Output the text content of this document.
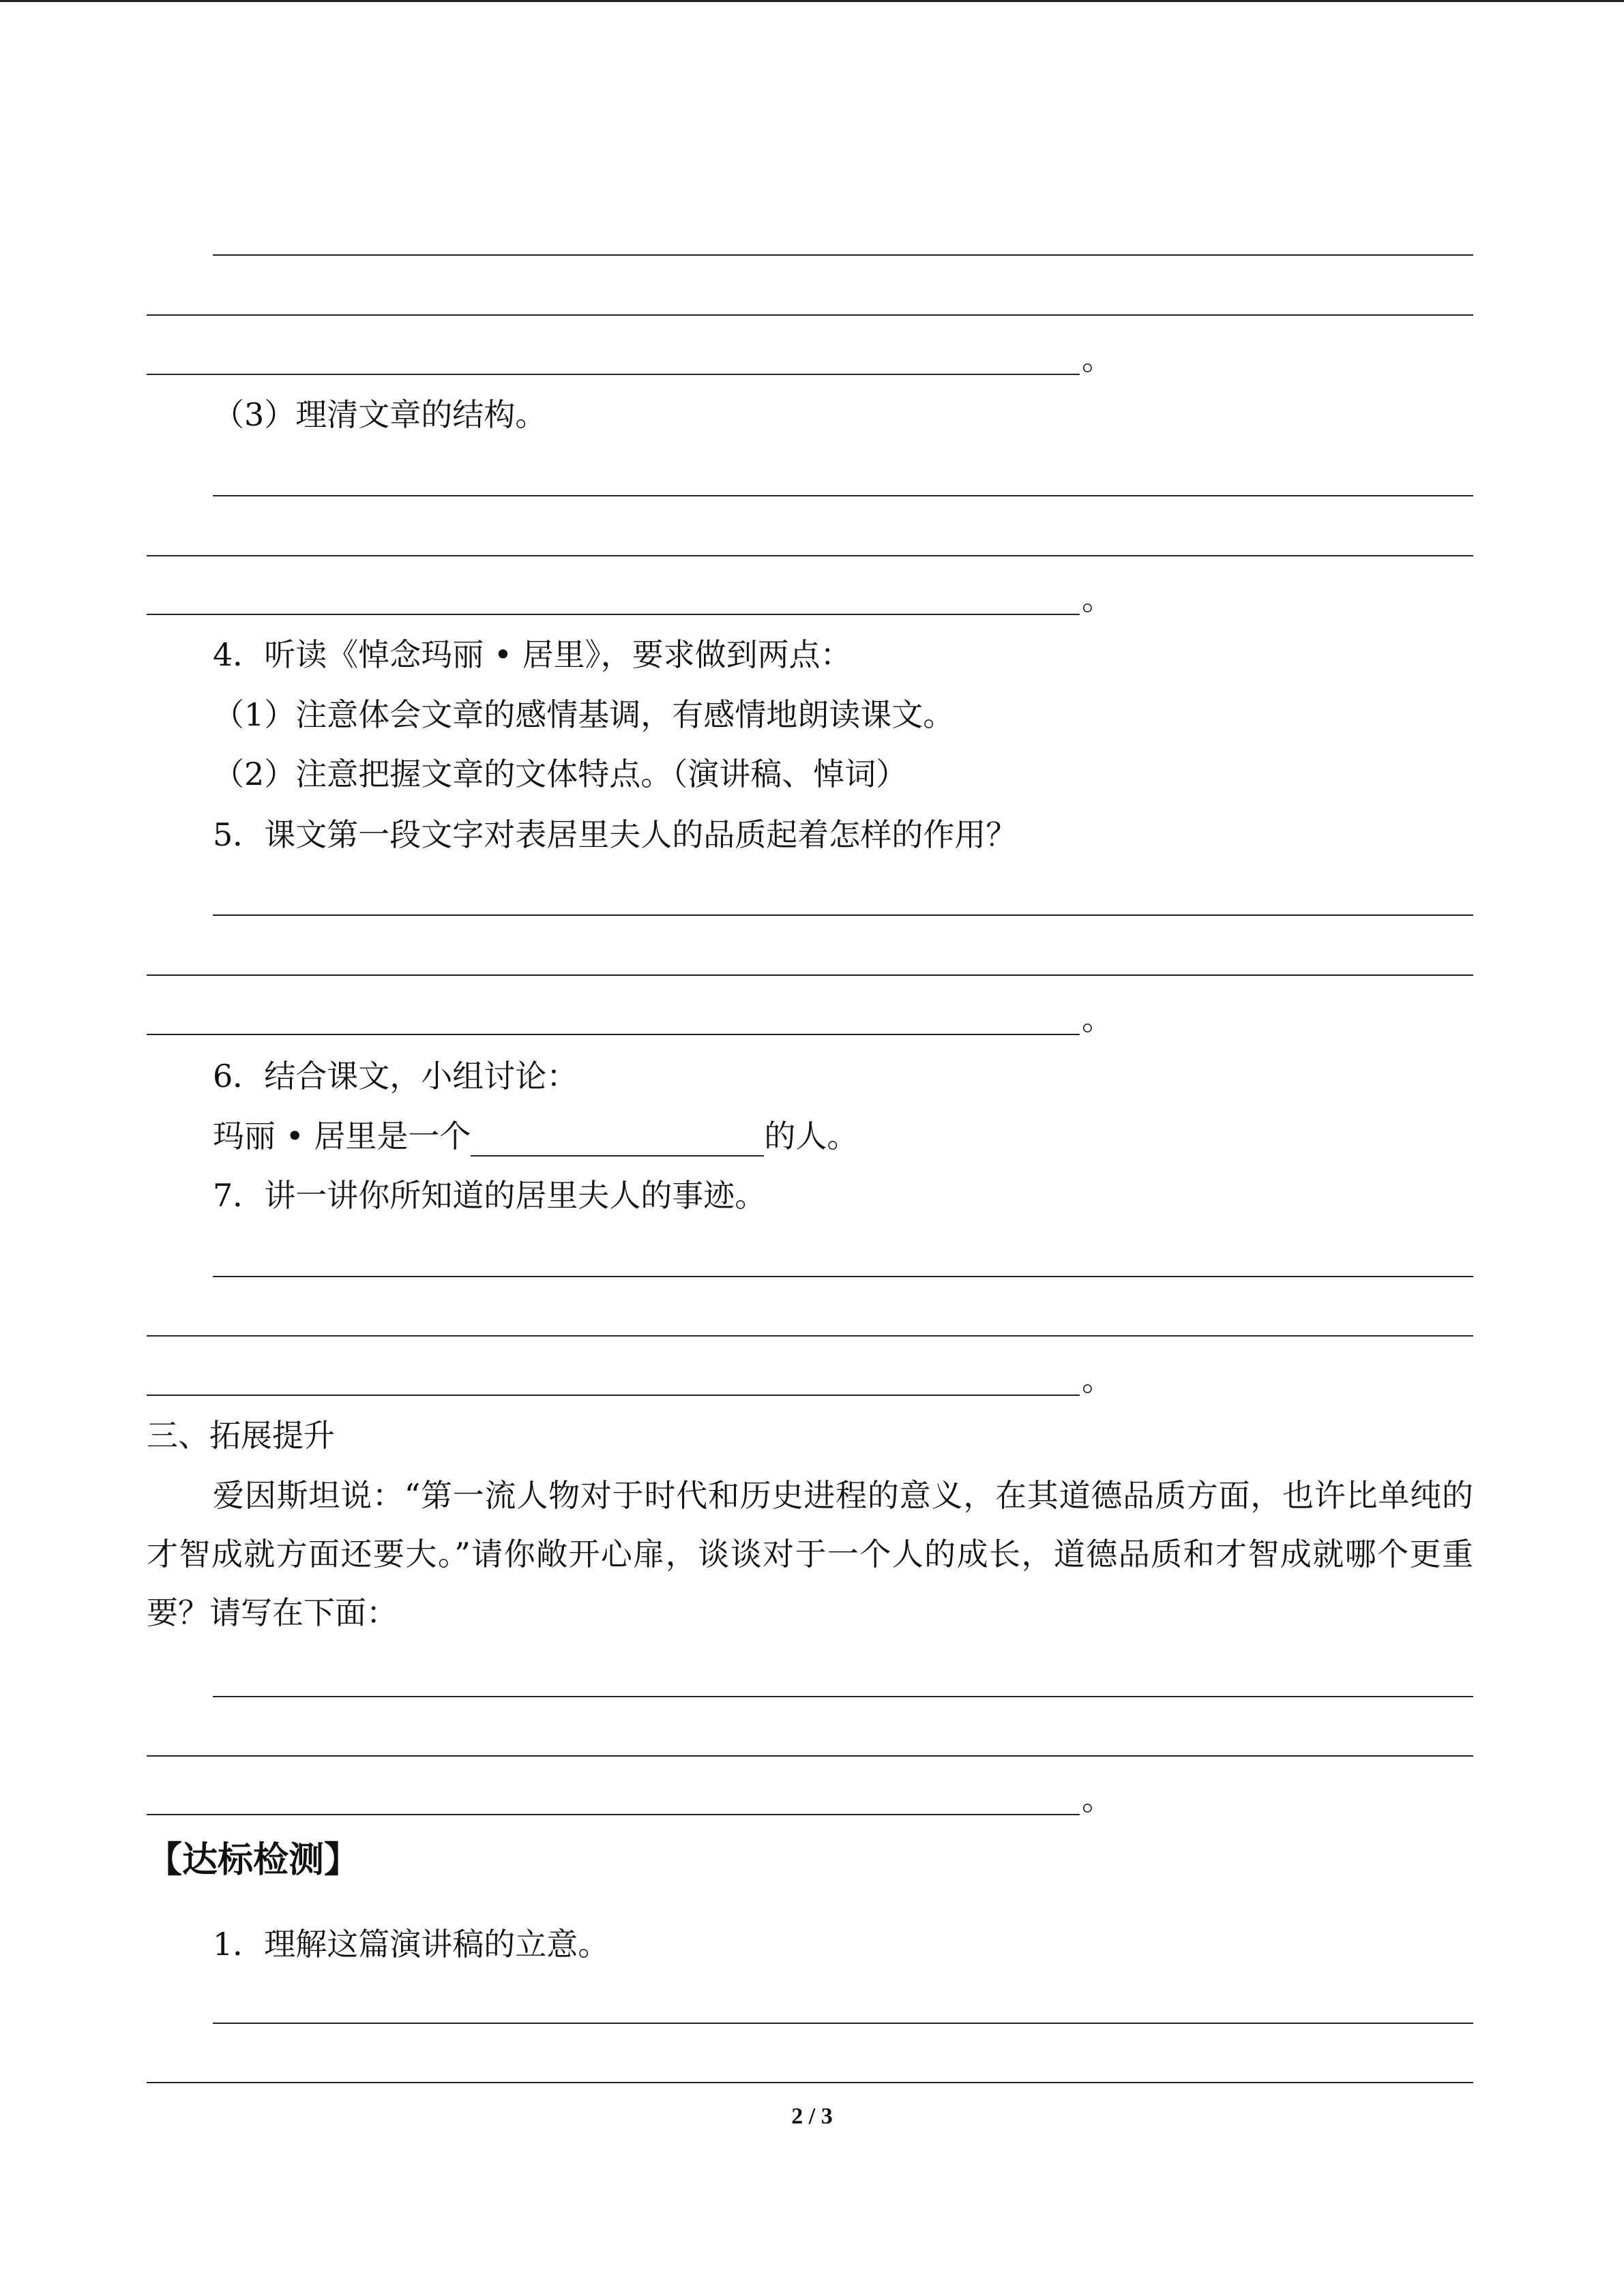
。
（3）理清文章的结构。
。
4．听读《悼念玛丽 • 居里》，要求做到两点：
（1）注意体会文章的感情基调，有感情地朗读课文。
（2）注意把握文章的文体特点。（演讲稿、悼词）
5．课文第一段文字对表居里夫人的品质起着怎样的作用？
。
6．结合课文，小组讨论：
玛丽 • 居里是一个	的人。
7．讲一讲你所知道的居里夫人的事迹。
。
三、拓展提升
爱因斯坦说：“第一流人物对于时代和历史进程的意义，在其道德品质方面，也许比单纯的才智成就方面还要大。”请你敞开心扉，谈谈对于一个人的成长，道德品质和才智成就哪个更重要？请写在下面：
。
【达标检测】
1．理解这篇演讲稿的立意。
2 / 3
